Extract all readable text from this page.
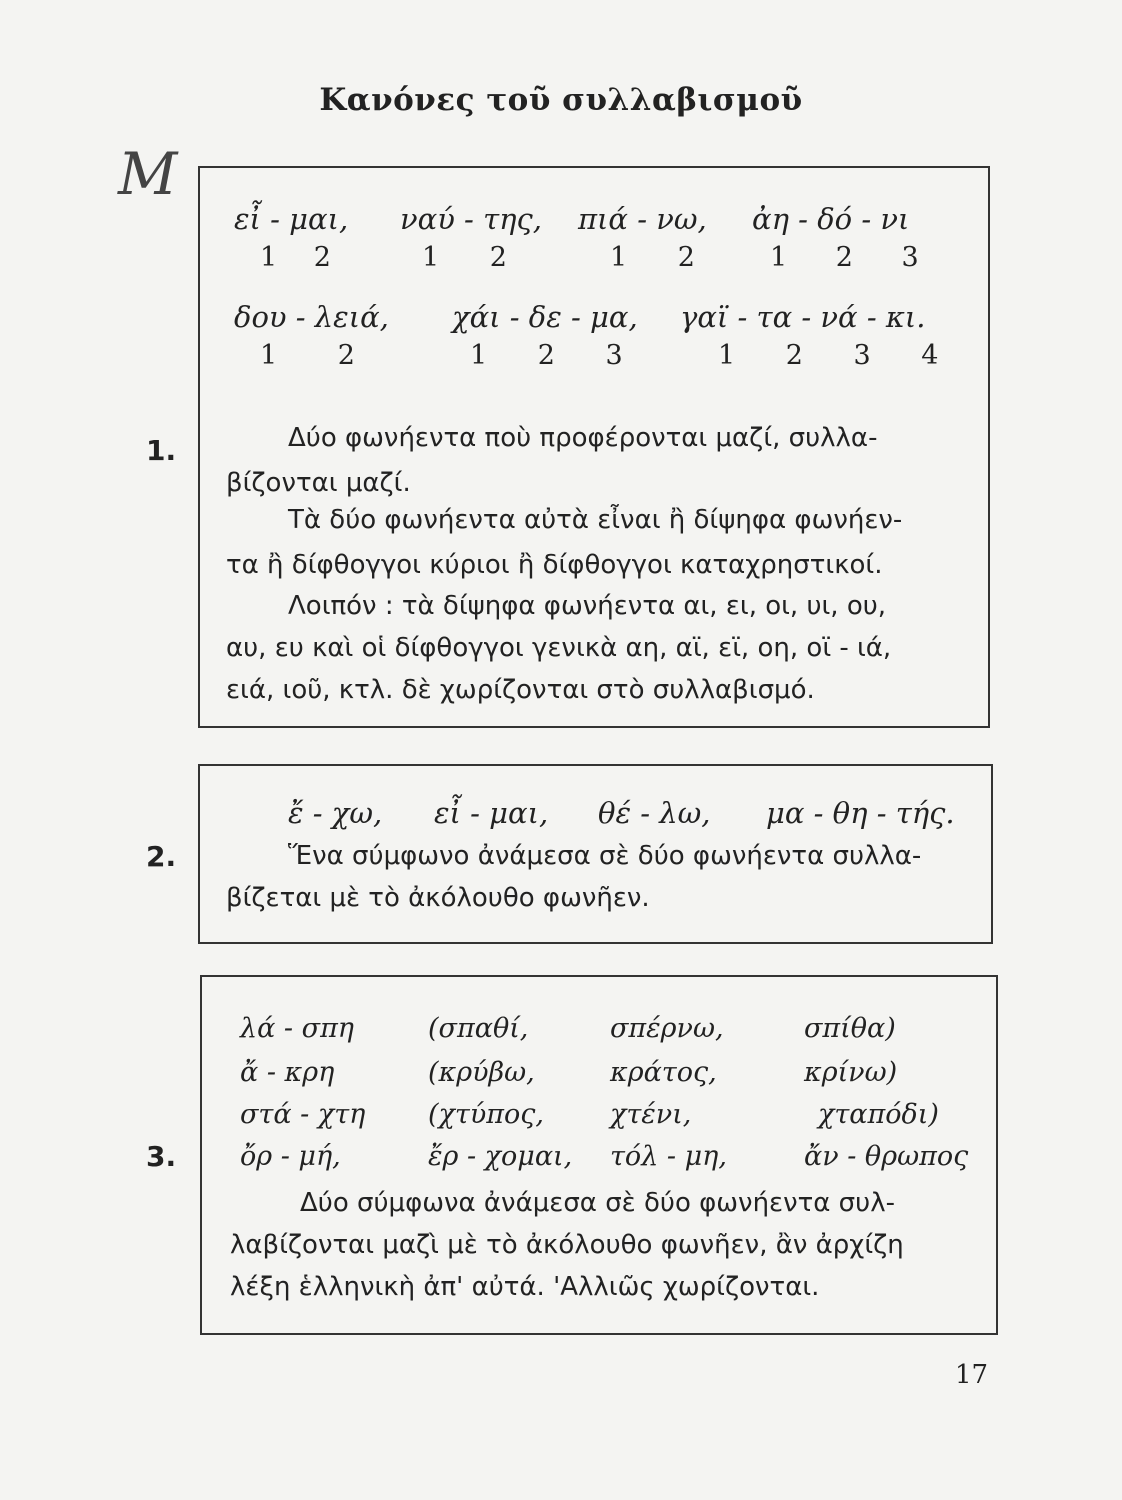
Κανόνες τοῦ συλλαβισμοῦ
M
1.
εἶ - μαι, ναύ - της, πιά - νω, ἀη - δό - νι
1 2	1 2	1 2	1 2 3
δου - λειά, χάι - δε - μα, γαϊ - τα - νά - κι.
1 2	1 2 3	1 2 3 4
Δύο φωνήεντα ποὺ προφέρονται μαζί, συλλα-
βίζονται μαζί.
Τὰ δύο φωνήεντα αὐτὰ εἶναι ἢ δίψηφα φωνήεν-
τα ἢ δίφθογγοι κύριοι ἢ δίφθογγοι καταχρηστικοί.
Λοιπόν : τὰ δίψηφα φωνήεντα αι, ει, οι, υι, ου,
αυ, ευ καὶ οἱ δίφθογγοι γενικὰ αη, αϊ, εϊ, οη, οϊ - ιά,
ειά, ιοῦ, κτλ. δὲ χωρίζονται στὸ συλλαβισμό.
2.
ἔ - χω, εἶ - μαι, θέ - λω, μα - θη - τής.
Ἕνα σύμφωνο ἀνάμεσα σὲ δύο φωνήεντα συλλα-
βίζεται μὲ τὸ ἀκόλουθο φωνῆεν.
3.
λά - σπη	(σπαθί,	σπέρνω,	σπίθα)
ἄ - κρη	(κρύβω,	κράτος,	κρίνω)
στά - χτη (χτύπος, χτένι,	χταπόδι)
ὄρ - μή,	ἔρ - χομαι, τόλ - μη,	ἄν - θρωπος
Δύο σύμφωνα ἀνάμεσα σὲ δύο φωνήεντα συλ-
λαβίζονται μαζὶ μὲ τὸ ἀκόλουθο φωνῆεν, ἂν ἀρχίζη
λέξη ἑλληνικὴ ἀπ' αὐτά. 'Αλλιῶς χωρίζονται.
17
